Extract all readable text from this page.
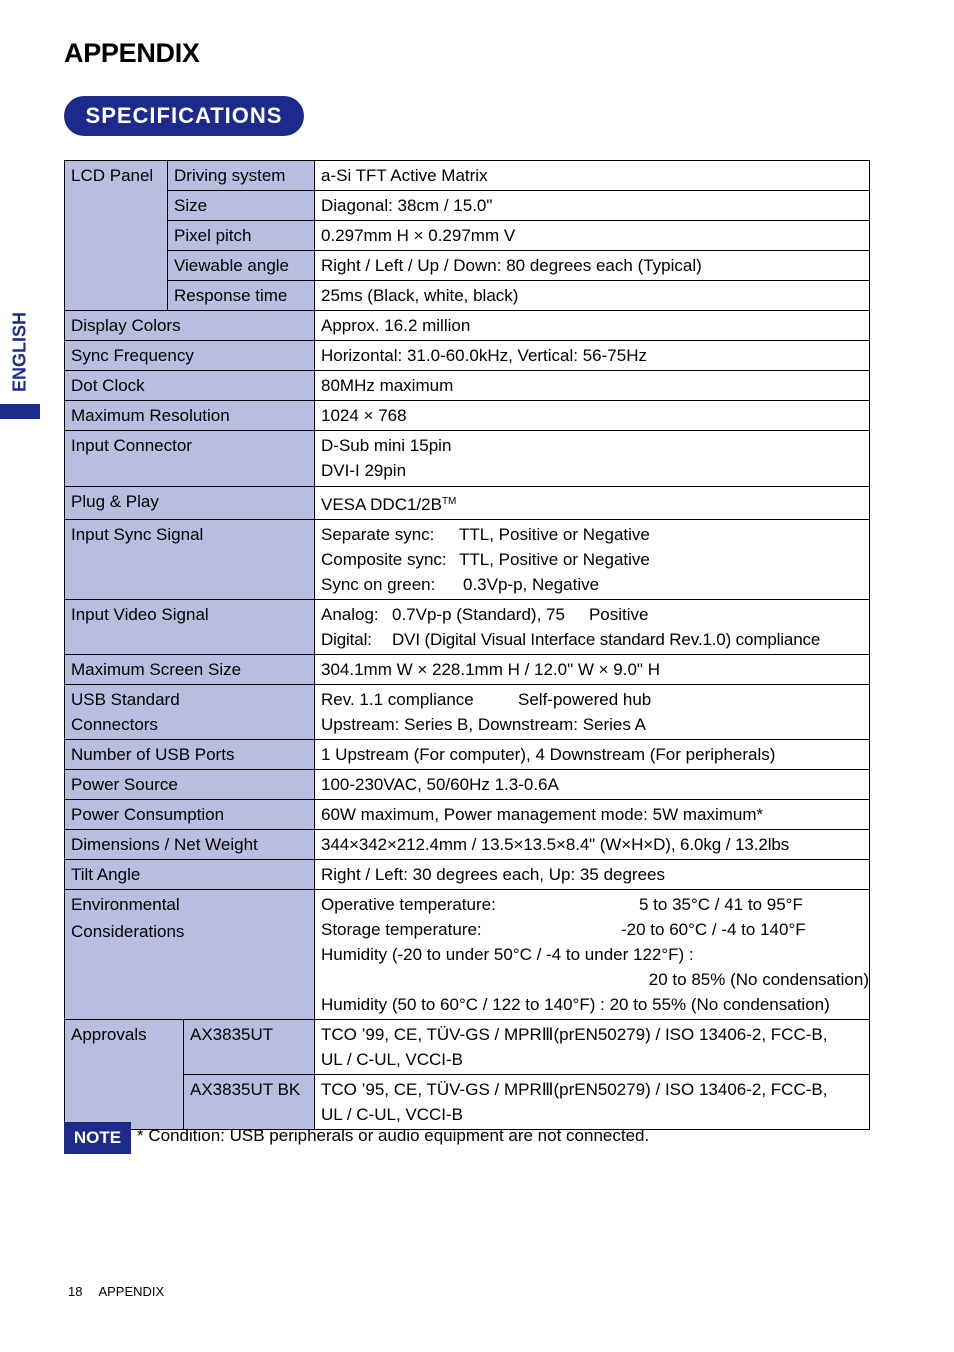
APPENDIX
SPECIFICATIONS
ENGLISH
LCD Panel	Driving system		a-Si TFT Active Matrix
	Size		Diagonal: 38cm / 15.0"
	Pixel pitch		0.297mm H × 0.297mm V
	Viewable angle		Right / Left / Up / Down: 80 degrees each (Typical)
	Response time		25ms (Black, white, black)
Display Colors			Approx. 16.2 million
Sync Frequency			Horizontal: 31.0-60.0kHz, Vertical: 56-75Hz
Dot Clock			80MHz maximum
Maximum Resolution			1024 × 768
Input Connector			D-Sub mini 15pin
DVI-I 29pin

Plug & Play			VESA DDC1/2B™
Input Sync Signal			Separate sync: TTL, Positive or Negative
Composite sync: TTL, Positive or Negative
Sync on green: 0.3Vp-p, Negative

Input Video Signal			Analog: 0.7Vp-p (Standard), 75 Positive
Digital: DVI (Digital Visual Interface standard Rev.1.0) compliance

Maximum Screen Size			304.1mm W × 228.1mm H / 12.0" W × 9.0" H

USB Standard
Connectors			Rev. 1.1 compliance Self-powered hub
Upstream: Series B, Downstream: Series A

Number of USB Ports			1 Upstream (For computer), 4 Downstream (For peripherals)
Power Source			100-230VAC, 50/60Hz 1.3-0.6A
Power Consumption			60W maximum, Power management mode: 5W maximum*
Dimensions / Net Weight			344×342×212.4mm / 13.5×13.5×8.4" (W×H×D), 6.0kg / 13.2lbs
Tilt Angle			Right / Left: 30 degrees each, Up: 35 degrees

Environmental
Considerations			Operative temperature: 5 to 35°C / 41 to 95°F
Storage temperature: -20 to 60°C / -4 to 140°F
Humidity (-20 to under 50°C / -4 to under 122°F) :
20 to 85% (No condensation)
Humidity (50 to 60°C / 122 to 140°F) : 20 to 55% (No condensation)

Approvals		AX3835UT	TCO ’99, CE, TÜV-GS / MPRⅢ(prEN50279) / ISO 13406-2, FCC-B,
UL / C-UL, VCCI-B

		AX3835UT BK	TCO ’95, CE, TÜV-GS / MPRⅢ(prEN50279) / ISO 13406-2, FCC-B,
UL / C-UL, VCCI-B
NOTE * Condition: USB peripherals or audio equipment are not connected.
18 APPENDIX
